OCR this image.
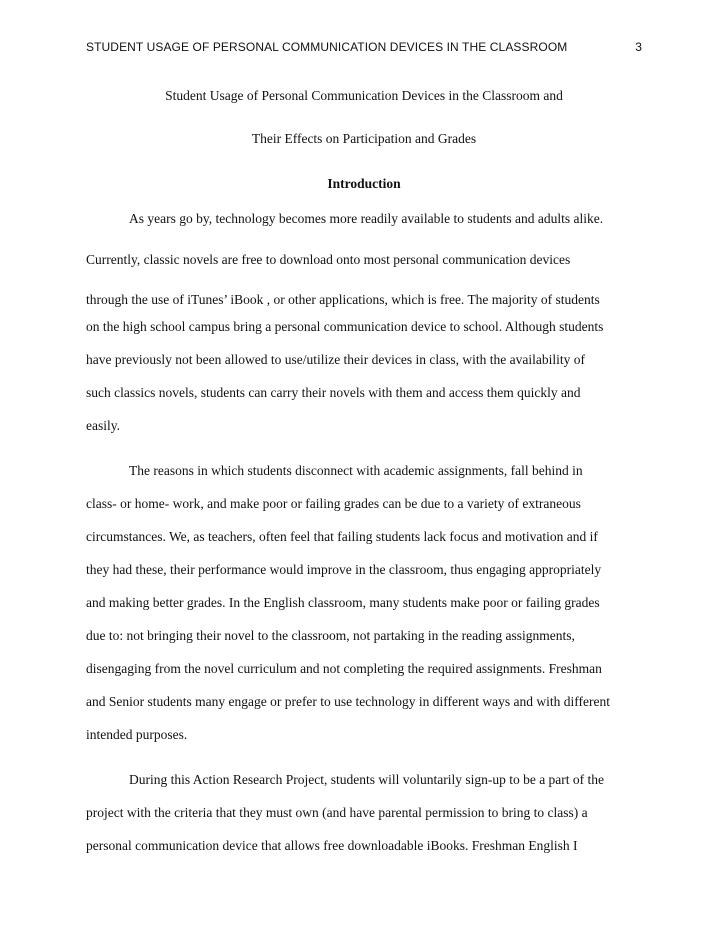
STUDENT USAGE OF PERSONAL COMMUNICATION DEVICES IN THE CLASSROOM	3
Student Usage of Personal Communication Devices in the Classroom and
Their Effects on Participation and Grades
Introduction
As years go by, technology becomes more readily available to students and adults alike.
Currently, classic novels are free to download onto most personal communication devices
through the use of iTunes’ iBook , or other applications, which is free. The majority of students
on the high school campus bring a personal communication device to school. Although students
have previously not been allowed to use/utilize their devices in class, with the availability of
such classics novels, students can carry their novels with them and access them quickly and
easily.
The reasons in which students disconnect with academic assignments, fall behind in
class- or home- work, and make poor or failing grades can be due to a variety of extraneous
circumstances. We, as teachers, often feel that failing students lack focus and motivation and if
they had these, their performance would improve in the classroom, thus engaging appropriately
and making better grades. In the English classroom, many students make poor or failing grades
due to: not bringing their novel to the classroom, not partaking in the reading assignments,
disengaging from the novel curriculum and not completing the required assignments. Freshman
and Senior students many engage or prefer to use technology in different ways and with different
intended purposes.
During this Action Research Project, students will voluntarily sign-up to be a part of the
project with the criteria that they must own (and have parental permission to bring to class) a
personal communication device that allows free downloadable iBooks. Freshman English I
